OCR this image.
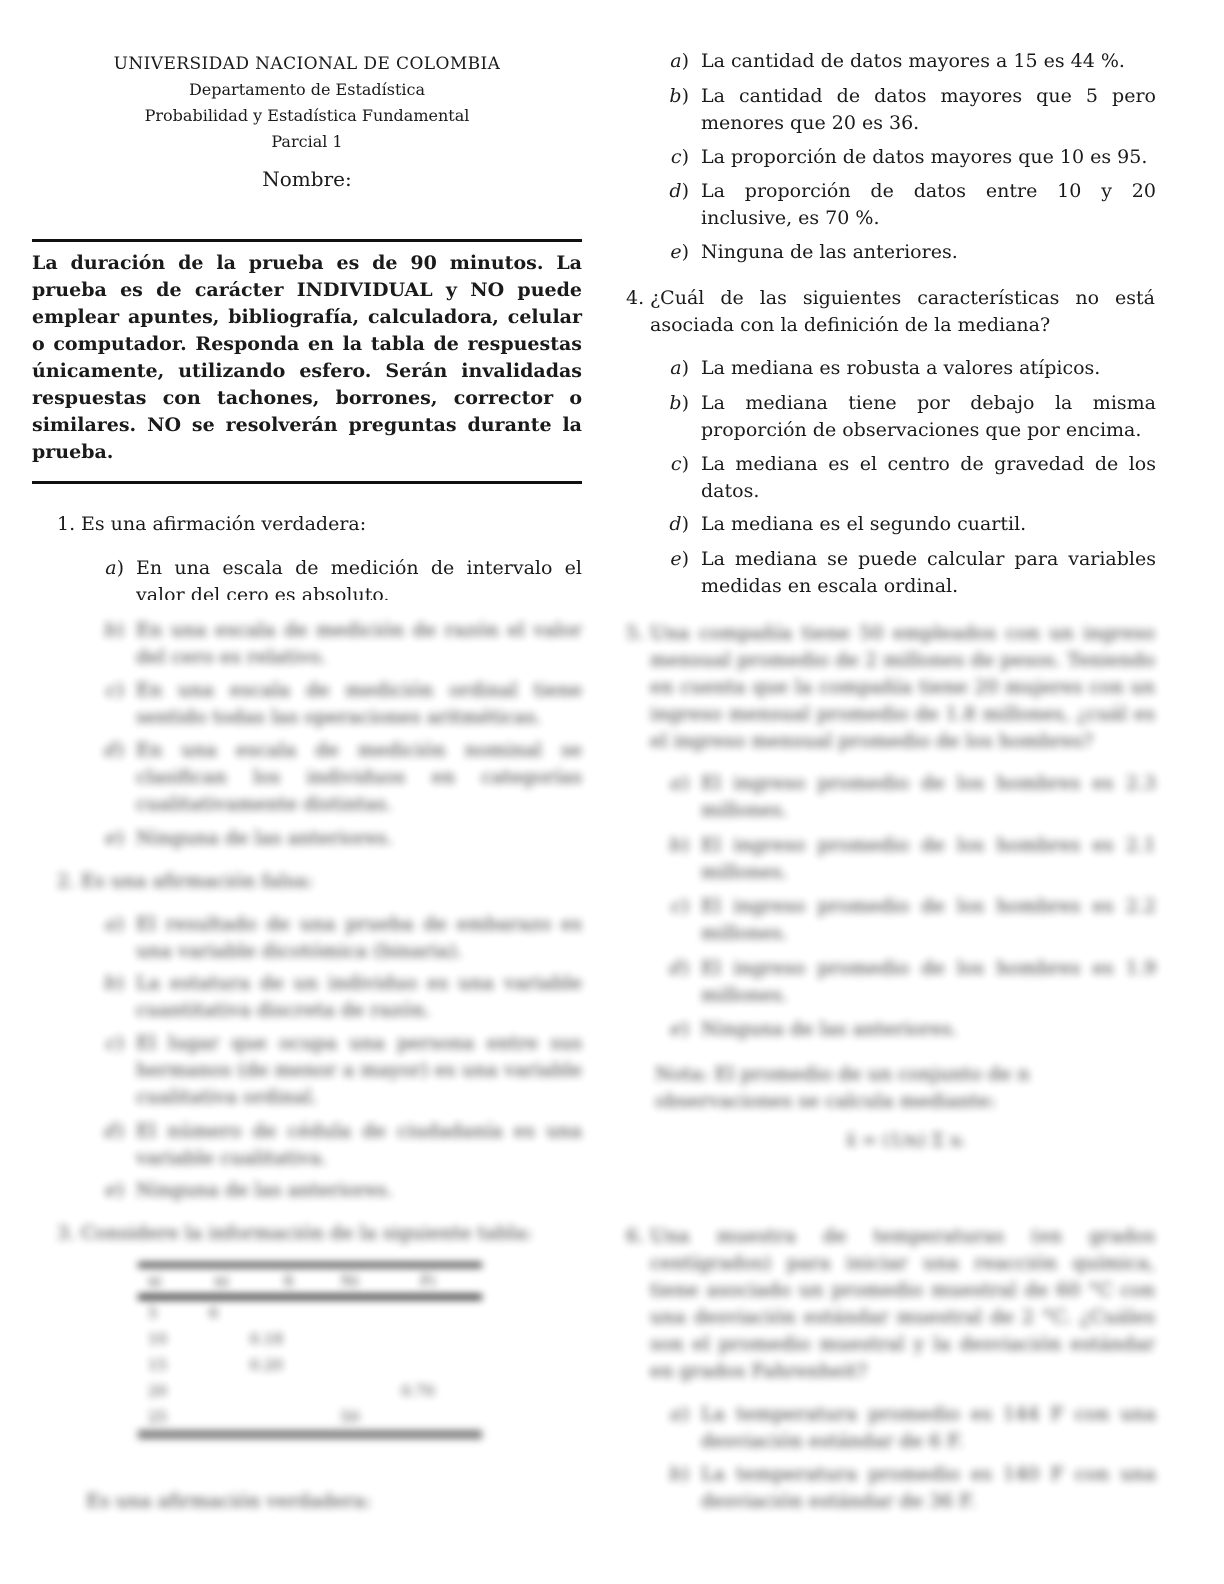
UNIVERSIDAD NACIONAL DE COLOMBIA
Departamento de Estadística
Probabilidad y Estadística Fundamental
Parcial 1
Nombre:
La duración de la prueba es de 90 minutos. La prueba es de carácter INDIVIDUAL y NO puede emplear apuntes, bibliografía, calculadora, celular o computador. Responda en la tabla de respuestas únicamente, utilizando esfero. Serán invalidadas respuestas con tachones, borrones, corrector o similares. NO se resolverán preguntas durante la prueba.
1. Es una afirmación verdadera:
a) En una escala de medición de intervalo el valor del cero es absoluto.
b) En una escala de medición de razón el valor del cero es relativo.
c) En una escala de medición ordinal tiene sentido todas las operaciones aritméticas.
d) En una escala de medición nominal se clasifican los individuos en categorías cualitativamente distintas.
e) Ninguna de las anteriores.
2. Es una afirmación falsa:
a) El resultado de una prueba de embarazo es una variable dicotómica (binaria).
b) La estatura de un individuo es una variable cuantitativa discreta de razón.
c) El lugar que ocupa una persona entre sus hermanos (de menor a mayor) es una variable cualitativa ordinal.
d) El número de cédula de ciudadanía es una variable cualitativa.
e) Ninguna de las anteriores.
3. Considere la información de la siguiente tabla:
xi	ni	fi	Ni	Fi
5	6			
10		0.18		
15		0.20		
20				0.70
25			50	
Es una afirmación verdadera:
a) La cantidad de datos mayores a 15 es 44 %.
b) La cantidad de datos mayores que 5 pero menores que 20 es 36.
c) La proporción de datos mayores que 10 es 95.
d) La proporción de datos entre 10 y 20 inclusive, es 70 %.
e) Ninguna de las anteriores.
4. ¿Cuál de las siguientes características no está asociada con la definición de la mediana?
a) La mediana es robusta a valores atípicos.
b) La mediana tiene por debajo la misma proporción de observaciones que por encima.
c) La mediana es el centro de gravedad de los datos.
d) La mediana es el segundo cuartil.
e) La mediana se puede calcular para variables medidas en escala ordinal.
5. Una compañía tiene 50 empleados con un ingreso mensual promedio de 2 millones de pesos. Teniendo en cuenta que la compañía tiene 20 mujeres con un ingreso mensual promedio de 1.8 millones, ¿cuál es el ingreso mensual promedio de los hombres?
a) El ingreso promedio de los hombres es 2.3 millones.
b) El ingreso promedio de los hombres es 2.1 millones.
c) El ingreso promedio de los hombres es 2.2 millones.
d) El ingreso promedio de los hombres es 1.9 millones.
e) Ninguna de las anteriores.
Nota: El promedio de un conjunto de n observaciones se calcula mediante:
x̄ = (1/n) Σ xᵢ
6. Una muestra de temperaturas (en grados centígrados) para iniciar una reacción química, tiene asociado un promedio muestral de 60 °C con una desviación estándar muestral de 2 °C. ¿Cuáles son el promedio muestral y la desviación estándar en grados Fahrenheit?
a) La temperatura promedio es 144 F con una desviación estándar de 6 F.
b) La temperatura promedio es 140 F con una desviación estándar de 36 F.
